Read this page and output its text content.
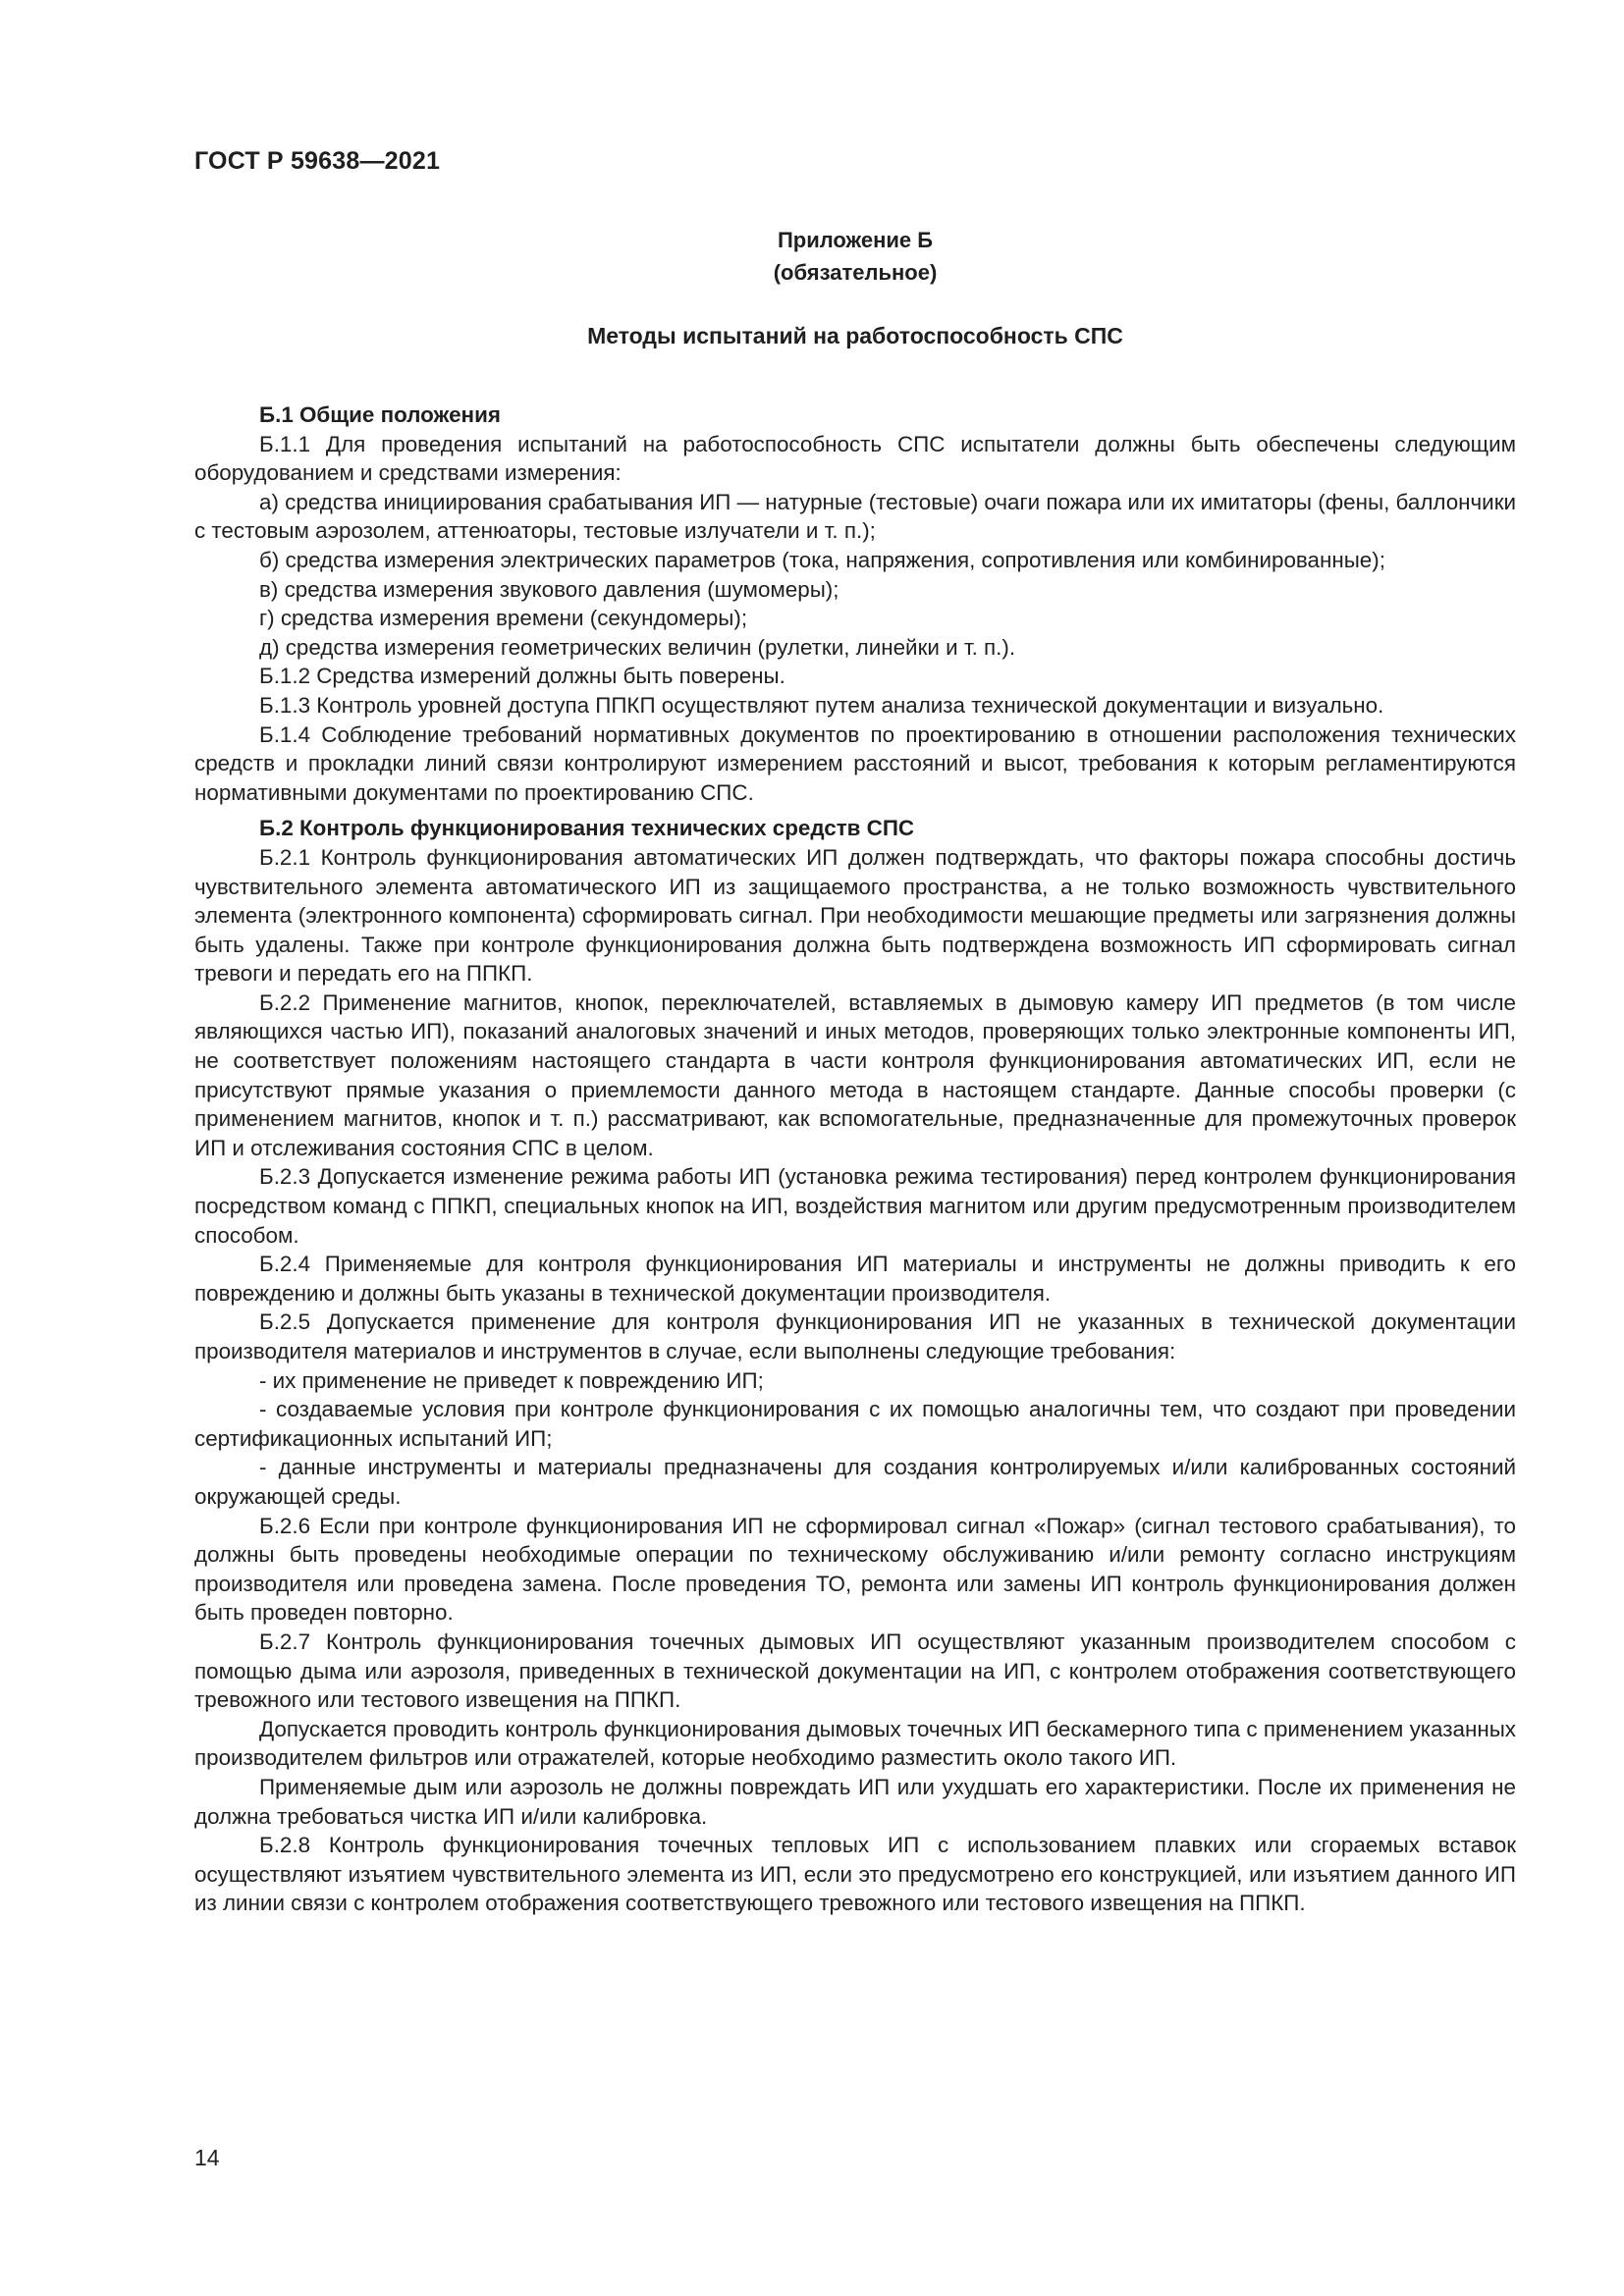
ГОСТ Р 59638—2021
Приложение Б
(обязательное)
Методы испытаний на работоспособность СПС
Б.1 Общие положения

Б.1.1 Для проведения испытаний на работоспособность СПС испытатели должны быть обеспечены следующим оборудованием и средствами измерения:

а) средства инициирования срабатывания ИП — натурные (тестовые) очаги пожара или их имитаторы (фены, баллончики с тестовым аэрозолем, аттенюаторы, тестовые излучатели и т. п.);

б) средства измерения электрических параметров (тока, напряжения, сопротивления или комбинированные);

в) средства измерения звукового давления (шумомеры);

г) средства измерения времени (секундомеры);

д) средства измерения геометрических величин (рулетки, линейки и т. п.).

Б.1.2 Средства измерений должны быть поверены.

Б.1.3 Контроль уровней доступа ППКП осуществляют путем анализа технической документации и визуально.

Б.1.4 Соблюдение требований нормативных документов по проектированию в отношении расположения технических средств и прокладки линий связи контролируют измерением расстояний и высот, требования к которым регламентируются нормативными документами по проектированию СПС.

Б.2 Контроль функционирования технических средств СПС

Б.2.1 Контроль функционирования автоматических ИП должен подтверждать, что факторы пожара способны достичь чувствительного элемента автоматического ИП из защищаемого пространства, а не только возможность чувствительного элемента (электронного компонента) сформировать сигнал. При необходимости мешающие предметы или загрязнения должны быть удалены. Также при контроле функционирования должна быть подтверждена возможность ИП сформировать сигнал тревоги и передать его на ППКП.

Б.2.2 Применение магнитов, кнопок, переключателей, вставляемых в дымовую камеру ИП предметов (в том числе являющихся частью ИП), показаний аналоговых значений и иных методов, проверяющих только электронные компоненты ИП, не соответствует положениям настоящего стандарта в части контроля функционирования автоматических ИП, если не присутствуют прямые указания о приемлемости данного метода в настоящем стандарте. Данные способы проверки (с применением магнитов, кнопок и т. п.) рассматривают, как вспомогательные, предназначенные для промежуточных проверок ИП и отслеживания состояния СПС в целом.

Б.2.3 Допускается изменение режима работы ИП (установка режима тестирования) перед контролем функционирования посредством команд с ППКП, специальных кнопок на ИП, воздействия магнитом или другим предусмотренным производителем способом.

Б.2.4 Применяемые для контроля функционирования ИП материалы и инструменты не должны приводить к его повреждению и должны быть указаны в технической документации производителя.

Б.2.5 Допускается применение для контроля функционирования ИП не указанных в технической документации производителя материалов и инструментов в случае, если выполнены следующие требования:

- их применение не приведет к повреждению ИП;

- создаваемые условия при контроле функционирования с их помощью аналогичны тем, что создают при проведении сертификационных испытаний ИП;

- данные инструменты и материалы предназначены для создания контролируемых и/или калиброванных состояний окружающей среды.

Б.2.6 Если при контроле функционирования ИП не сформировал сигнал «Пожар» (сигнал тестового срабатывания), то должны быть проведены необходимые операции по техническому обслуживанию и/или ремонту согласно инструкциям производителя или проведена замена. После проведения ТО, ремонта или замены ИП контроль функционирования должен быть проведен повторно.

Б.2.7 Контроль функционирования точечных дымовых ИП осуществляют указанным производителем способом с помощью дыма или аэрозоля, приведенных в технической документации на ИП, с контролем отображения соответствующего тревожного или тестового извещения на ППКП.

Допускается проводить контроль функционирования дымовых точечных ИП бескамерного типа с применением указанных производителем фильтров или отражателей, которые необходимо разместить около такого ИП.

Применяемые дым или аэрозоль не должны повреждать ИП или ухудшать его характеристики. После их применения не должна требоваться чистка ИП и/или калибровка.

Б.2.8 Контроль функционирования точечных тепловых ИП с использованием плавких или сгораемых вставок осуществляют изъятием чувствительного элемента из ИП, если это предусмотрено его конструкцией, или изъятием данного ИП из линии связи с контролем отображения соответствующего тревожного или тестового извещения на ППКП.

14
